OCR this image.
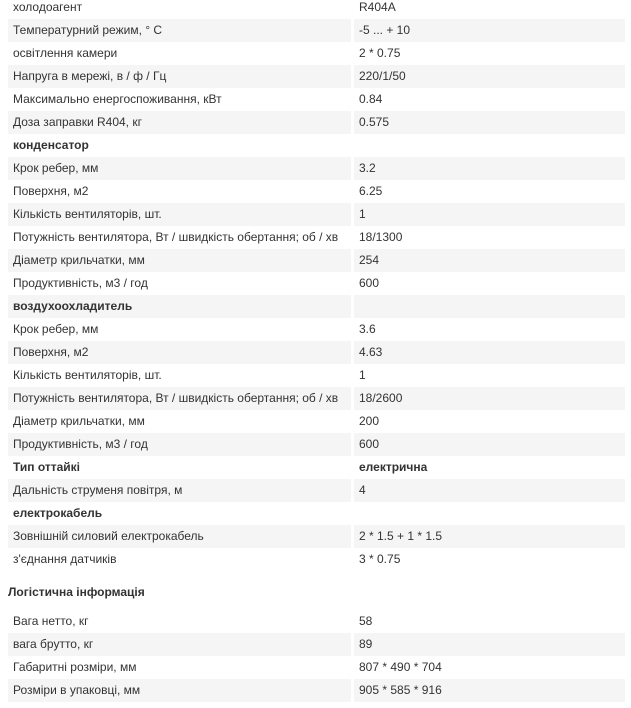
холодоагент	R404A
Температурний режим, ° C	-5 ... + 10
освітлення камери	2 * 0.75
Напруга в мережі, в / ф / Гц	220/1/50
Максимально енергоспоживання, кВт	0.84
Доза заправки R404, кг	0.575
конденсатор	
Крок ребер, мм	3.2
Поверхня, м2	6.25
Кількість вентиляторів, шт.	1
Потужність вентилятора, Вт / швидкість обертання; об / хв	18/1300
Діаметр крильчатки, мм	254
Продуктивність, м3 / год	600
воздухоохладитель	
Крок ребер, мм	3.6
Поверхня, м2	4.63
Кількість вентиляторів, шт.	1
Потужність вентилятора, Вт / швидкість обертання; об / хв	18/2600
Діаметр крильчатки, мм	200
Продуктивність, м3 / год	600
Тип оттайкі	електрична
Дальність струменя повітря, м	4
електрокабель	
Зовнішній силовий електрокабель	2 * 1.5 + 1 * 1.5
з'єднання датчиків	3 * 0.75
Логістична інформація
Вага нетто, кг	58
вага брутто, кг	89
Габаритні розміри, мм	807 * 490 * 704
Розміри в упаковці, мм	905 * 585 * 916
